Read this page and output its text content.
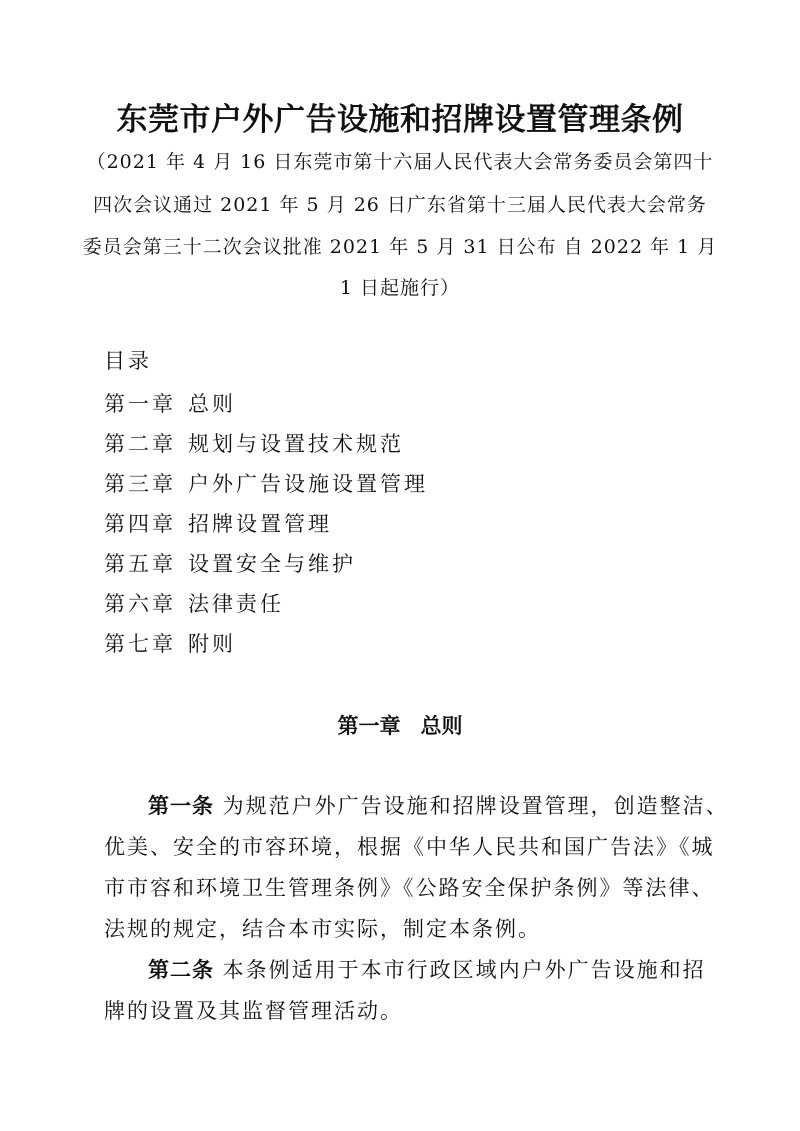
东莞市户外广告设施和招牌设置管理条例
（2021 年 4 月 16 日东莞市第十六届人民代表大会常务委员会第四十
四次会议通过 2021 年 5 月 26 日广东省第十三届人民代表大会常务
委员会第三十二次会议批准 2021 年 5 月 31 日公布 自 2022 年 1 月
1 日起施行）
目录
第一章 总则
第二章 规划与设置技术规范
第三章 户外广告设施设置管理
第四章 招牌设置管理
第五章 设置安全与维护
第六章 法律责任
第七章 附则
第一章 总则
第一条 为规范户外广告设施和招牌设置管理，创造整洁、
优美、安全的市容环境，根据《中华人民共和国广告法》《城
市市容和环境卫生管理条例》《公路安全保护条例》等法律、
法规的规定，结合本市实际，制定本条例。
第二条 本条例适用于本市行政区域内户外广告设施和招
牌的设置及其监督管理活动。
